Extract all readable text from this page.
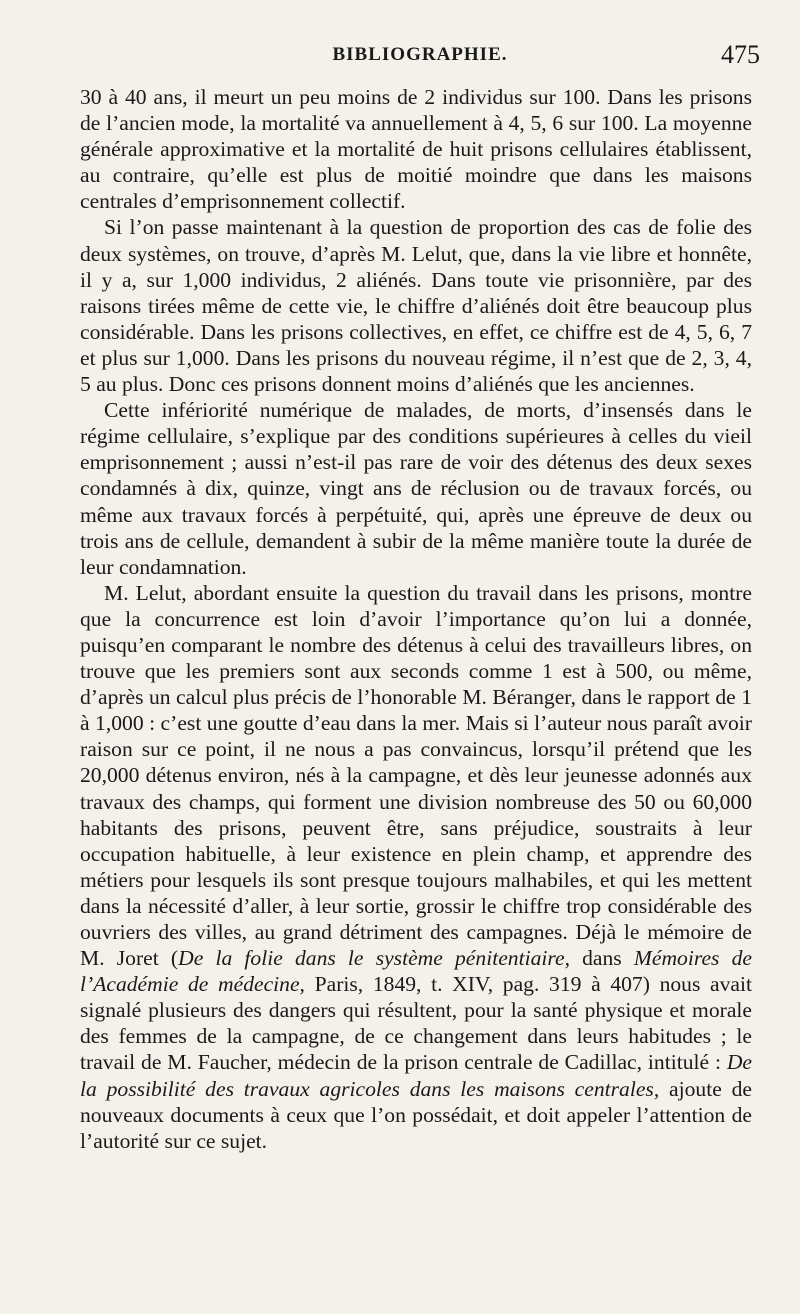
BIBLIOGRAPHIE.	475

30 à 40 ans, il meurt un peu moins de 2 individus sur 100. Dans les prisons de l’ancien mode, la mortalité va annuellement à 4, 5, 6 sur 100. La moyenne générale approximative et la mortalité de huit prisons cellulaires établissent, au contraire, qu’elle est plus de moitié moindre que dans les maisons centrales d’emprisonnement collectif.

Si l’on passe maintenant à la question de proportion des cas de folie des deux systèmes, on trouve, d’après M. Lelut, que, dans la vie libre et honnête, il y a, sur 1,000 individus, 2 aliénés. Dans toute vie prisonnière, par des raisons tirées même de cette vie, le chiffre d’aliénés doit être beaucoup plus considérable. Dans les prisons collectives, en effet, ce chiffre est de 4, 5, 6, 7 et plus sur 1,000. Dans les prisons du nouveau régime, il n’est que de 2, 3, 4, 5 au plus. Donc ces prisons donnent moins d’aliénés que les anciennes.

Cette infériorité numérique de malades, de morts, d’insensés dans le régime cellulaire, s’explique par des conditions supérieures à celles du vieil emprisonnement ; aussi n’est-il pas rare de voir des détenus des deux sexes condamnés à dix, quinze, vingt ans de réclusion ou de travaux forcés, ou même aux travaux forcés à perpétuité, qui, après une épreuve de deux ou trois ans de cellule, demandent à subir de la même manière toute la durée de leur condamnation.

M. Lelut, abordant ensuite la question du travail dans les prisons, montre que la concurrence est loin d’avoir l’importance qu’on lui a donnée, puisqu’en comparant le nombre des détenus à celui des travailleurs libres, on trouve que les premiers sont aux seconds comme 1 est à 500, ou même, d’après un calcul plus précis de l’honorable M. Béranger, dans le rapport de 1 à 1,000 : c’est une goutte d’eau dans la mer. Mais si l’auteur nous paraît avoir raison sur ce point, il ne nous a pas convaincus, lorsqu’il prétend que les 20,000 détenus environ, nés à la campagne, et dès leur jeunesse adonnés aux travaux des champs, qui forment une division nombreuse des 50 ou 60,000 habitants des prisons, peuvent être, sans préjudice, soustraits à leur occupation habituelle, à leur existence en plein champ, et apprendre des métiers pour lesquels ils sont presque toujours malhabiles, et qui les mettent dans la nécessité d’aller, à leur sortie, grossir le chiffre trop considérable des ouvriers des villes, au grand détriment des campagnes. Déjà le mémoire de M. Joret (De la folie dans le système pénitentiaire, dans Mémoires de l’Académie de médecine, Paris, 1849, t. XIV, pag. 319 à 407) nous avait signalé plusieurs des dangers qui résultent, pour la santé physique et morale des femmes de la campagne, de ce changement dans leurs habitudes ; le travail de M. Faucher, médecin de la prison centrale de Cadillac, intitulé : De la possibilité des travaux agricoles dans les maisons centrales, ajoute de nouveaux documents à ceux que l’on possédait, et doit appeler l’attention de l’autorité sur ce sujet.
